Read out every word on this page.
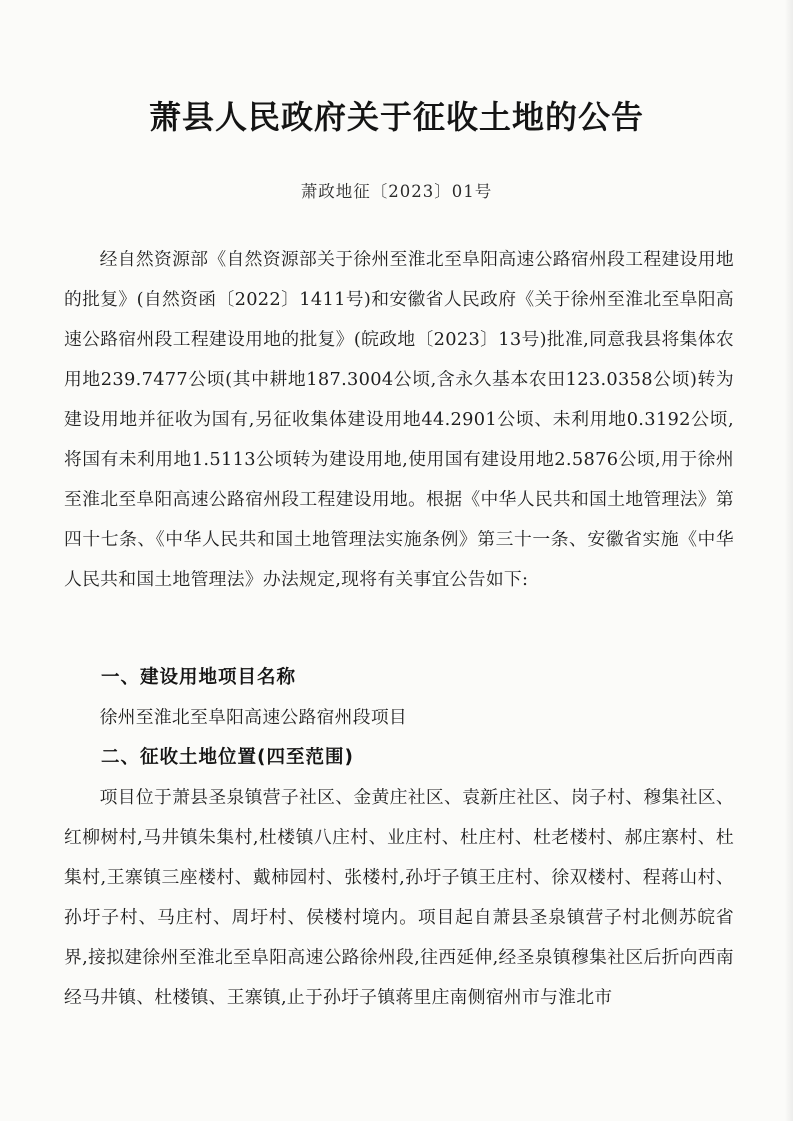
萧县人民政府关于征收土地的公告
萧政地征〔2023〕01号

经自然资源部《自然资源部关于徐州至淮北至阜阳高速公路宿州段工程建设用地的批复》(自然资函〔2022〕1411号)和安徽省人民政府《关于徐州至淮北至阜阳高速公路宿州段工程建设用地的批复》(皖政地〔2023〕13号)批准,同意我县将集体农用地239.7477公顷(其中耕地187.3004公顷,含永久基本农田123.0358公顷)转为建设用地并征收为国有,另征收集体建设用地44.2901公顷、未利用地0.3192公顷,将国有未利用地1.5113公顷转为建设用地,使用国有建设用地2.5876公顷,用于徐州至淮北至阜阳高速公路宿州段工程建设用地。根据《中华人民共和国土地管理法》第四十七条、《中华人民共和国土地管理法实施条例》第三十一条、安徽省实施《中华人民共和国土地管理法》办法规定,现将有关事宜公告如下:

一、建设用地项目名称

徐州至淮北至阜阳高速公路宿州段项目

二、征收土地位置(四至范围)

项目位于萧县圣泉镇营子社区、金黄庄社区、袁新庄社区、岗子村、穆集社区、红柳树村,马井镇朱集村,杜楼镇八庄村、业庄村、杜庄村、杜老楼村、郝庄寨村、杜集村,王寨镇三座楼村、戴柿园村、张楼村,孙圩子镇王庄村、徐双楼村、程蒋山村、孙圩子村、马庄村、周圩村、侯楼村境内。项目起自萧县圣泉镇营子村北侧苏皖省界,接拟建徐州至淮北至阜阳高速公路徐州段,往西延伸,经圣泉镇穆集社区后折向西南经马井镇、杜楼镇、王寨镇,止于孙圩子镇蒋里庄南侧宿州市与淮北市
